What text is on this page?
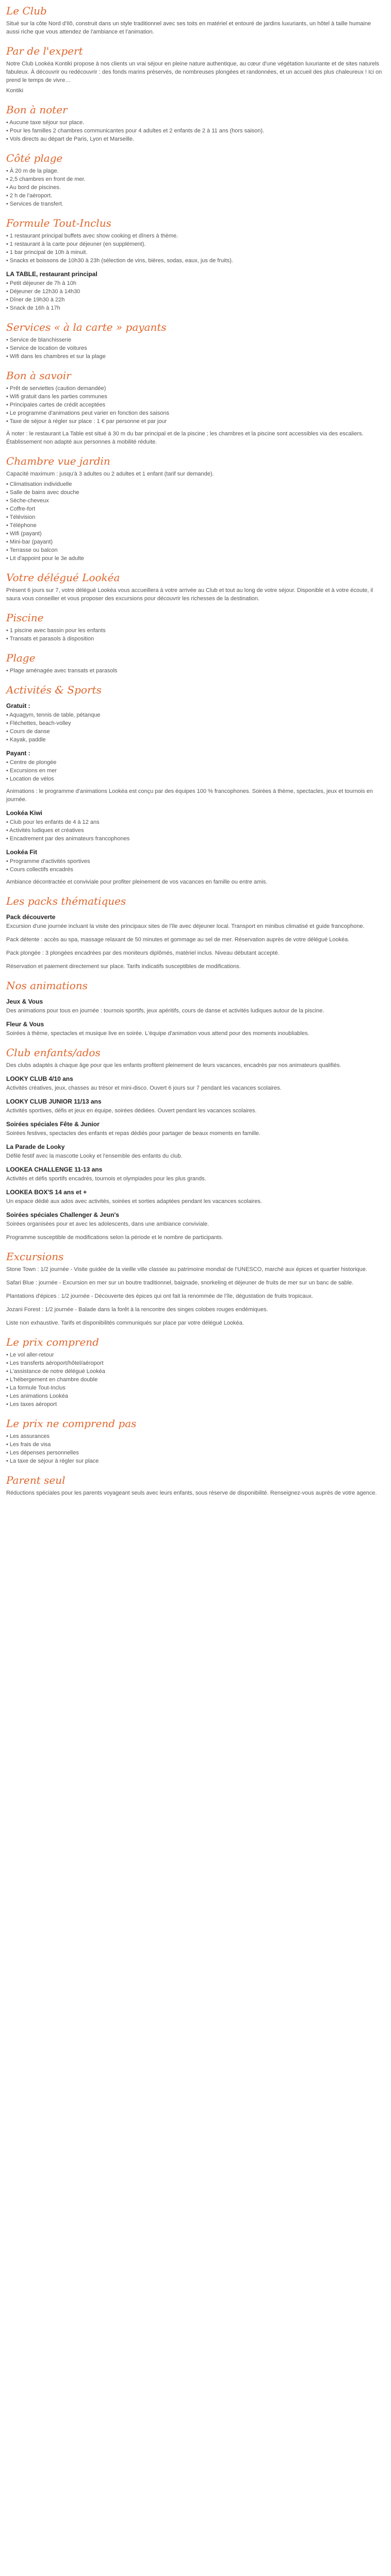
Le Club

Situé sur la côte Nord d'Ilô, construit dans un style traditionnel avec ses toits en matériel et entouré de jardins luxuriants, un hôtel à taille humaine aussi riche que vous attendez de l'ambiance et l'animation.

Par de l'expert

Notre Club Lookéa Kontiki propose à nos clients un vrai séjour en pleine nature authentique, au cœur d'une végétation luxuriante et de sites naturels fabuleux. À découvrir ou redécouvrir : des fonds marins préservés, de nombreuses plongées et randonnées, et un accueil des plus chaleureux ! Ici on prend le temps de vivre…

Kontiki

Bon à noter
• Aucune taxe séjour sur place.
• Pour les familles 2 chambres communicantes pour 4 adultes et 2 enfants de 2 à 11 ans (hors saison).
• Vols directs au départ de Paris, Lyon et Marseille.
Côté plage
• À 20 m de la plage.
• 2,5 chambres en front de mer.
• Au bord de piscines.
• 2 h de l'aéroport.
• Services de transfert.
Formule Tout-Inclus
• 1 restaurant principal buffets avec show cooking et dîners à thème.
• 1 restaurant à la carte pour déjeuner (en supplément).
• 1 bar principal de 10h à minuit.
• Snacks et boissons de 10h30 à 23h (sélection de vins, bières, sodas, eaux, jus de fruits).
LA TABLE, restaurant principal
• Petit déjeuner de 7h à 10h
• Déjeuner de 12h30 à 14h30
• Dîner de 19h30 à 22h
• Snack de 16h à 17h
Services « à la carte » payants
• Service de blanchisserie
• Service de location de voitures
• Wifi dans les chambres et sur la plage
Bon à savoir
• Prêt de serviettes (caution demandée)
• Wifi gratuit dans les parties communes
• Principales cartes de crédit acceptées
• Le programme d'animations peut varier en fonction des saisons
• Taxe de séjour à régler sur place : 1 € par personne et par jour

À noter : le restaurant La Table est situé à 30 m du bar principal et de la piscine ; les chambres et la piscine sont accessibles via des escaliers. Établissement non adapté aux personnes à mobilité réduite.

Chambre vue jardin

Capacité maximum : jusqu'à 3 adultes ou 2 adultes et 1 enfant (tarif sur demande).

• Climatisation individuelle
• Salle de bains avec douche
• Sèche-cheveux
• Coffre-fort
• Télévision
• Téléphone
• Wifi (payant)
• Mini-bar (payant)
• Terrasse ou balcon
• Lit d'appoint pour le 3e adulte
Votre délégué Lookéa

Présent 6 jours sur 7, votre délégué Lookéa vous accueillera à votre arrivée au Club et tout au long de votre séjour. Disponible et à votre écoute, il saura vous conseiller et vous proposer des excursions pour découvrir les richesses de la destination.

Piscine
• 1 piscine avec bassin pour les enfants
• Transats et parasols à disposition
Plage
• Plage aménagée avec transats et parasols
Activités & Sports
Gratuit :
• Aquagym, tennis de table, pétanque
• Fléchettes, beach-volley
• Cours de danse
• Kayak, paddle
Payant :
• Centre de plongée
• Excursions en mer
• Location de vélos

Animations : le programme d'animations Lookéa est conçu par des équipes 100 % francophones. Soirées à thème, spectacles, jeux et tournois en journée.

Lookéa Kiwi
• Club pour les enfants de 4 à 12 ans
• Activités ludiques et créatives
• Encadrement par des animateurs francophones
Lookéa Fit
• Programme d'activités sportives
• Cours collectifs encadrés

Ambiance décontractée et conviviale pour profiter pleinement de vos vacances en famille ou entre amis.

Les packs thématiques
Pack découverte

Excursion d'une journée incluant la visite des principaux sites de l'île avec déjeuner local. Transport en minibus climatisé et guide francophone.

Pack détente : accès au spa, massage relaxant de 50 minutes et gommage au sel de mer. Réservation auprès de votre délégué Lookéa.

Pack plongée : 3 plongées encadrées par des moniteurs diplômés, matériel inclus. Niveau débutant accepté.

Réservation et paiement directement sur place. Tarifs indicatifs susceptibles de modifications.

Nos animations
Jeux & Vous

Des animations pour tous en journée : tournois sportifs, jeux apéritifs, cours de danse et activités ludiques autour de la piscine.

Fleur & Vous

Soirées à thème, spectacles et musique live en soirée. L'équipe d'animation vous attend pour des moments inoubliables.

Club enfants/ados

Des clubs adaptés à chaque âge pour que les enfants profitent pleinement de leurs vacances, encadrés par nos animateurs qualifiés.

LOOKY CLUB 4/10 ans

Activités créatives, jeux, chasses au trésor et mini-disco. Ouvert 6 jours sur 7 pendant les vacances scolaires.

LOOKY CLUB JUNIOR 11/13 ans

Activités sportives, défis et jeux en équipe, soirées dédiées. Ouvert pendant les vacances scolaires.

Soirées spéciales Fête & Junior

Soirées festives, spectacles des enfants et repas dédiés pour partager de beaux moments en famille.

La Parade de Looky

Défilé festif avec la mascotte Looky et l'ensemble des enfants du club.

LOOKEA CHALLENGE 11-13 ans

Activités et défis sportifs encadrés, tournois et olympiades pour les plus grands.

LOOKEA BOX'S 14 ans et +

Un espace dédié aux ados avec activités, soirées et sorties adaptées pendant les vacances scolaires.

Soirées spéciales Challenger & Jeun's

Soirées organisées pour et avec les adolescents, dans une ambiance conviviale.

Programme susceptible de modifications selon la période et le nombre de participants.

Excursions

Stone Town : 1/2 journée - Visite guidée de la vieille ville classée au patrimoine mondial de l'UNESCO, marché aux épices et quartier historique.

Safari Blue : journée - Excursion en mer sur un boutre traditionnel, baignade, snorkeling et déjeuner de fruits de mer sur un banc de sable.

Plantations d'épices : 1/2 journée - Découverte des épices qui ont fait la renommée de l'île, dégustation de fruits tropicaux.

Jozani Forest : 1/2 journée - Balade dans la forêt à la rencontre des singes colobes rouges endémiques.

Liste non exhaustive. Tarifs et disponibilités communiqués sur place par votre délégué Lookéa.

Le prix comprend
• Le vol aller-retour
• Les transferts aéroport/hôtel/aéroport
• L'assistance de notre délégué Lookéa
• L'hébergement en chambre double
• La formule Tout-Inclus
• Les animations Lookéa
• Les taxes aéroport
Le prix ne comprend pas
• Les assurances
• Les frais de visa
• Les dépenses personnelles
• La taxe de séjour à régler sur place
Parent seul

Réductions spéciales pour les parents voyageant seuls avec leurs enfants, sous réserve de disponibilité. Renseignez-vous auprès de votre agence.
